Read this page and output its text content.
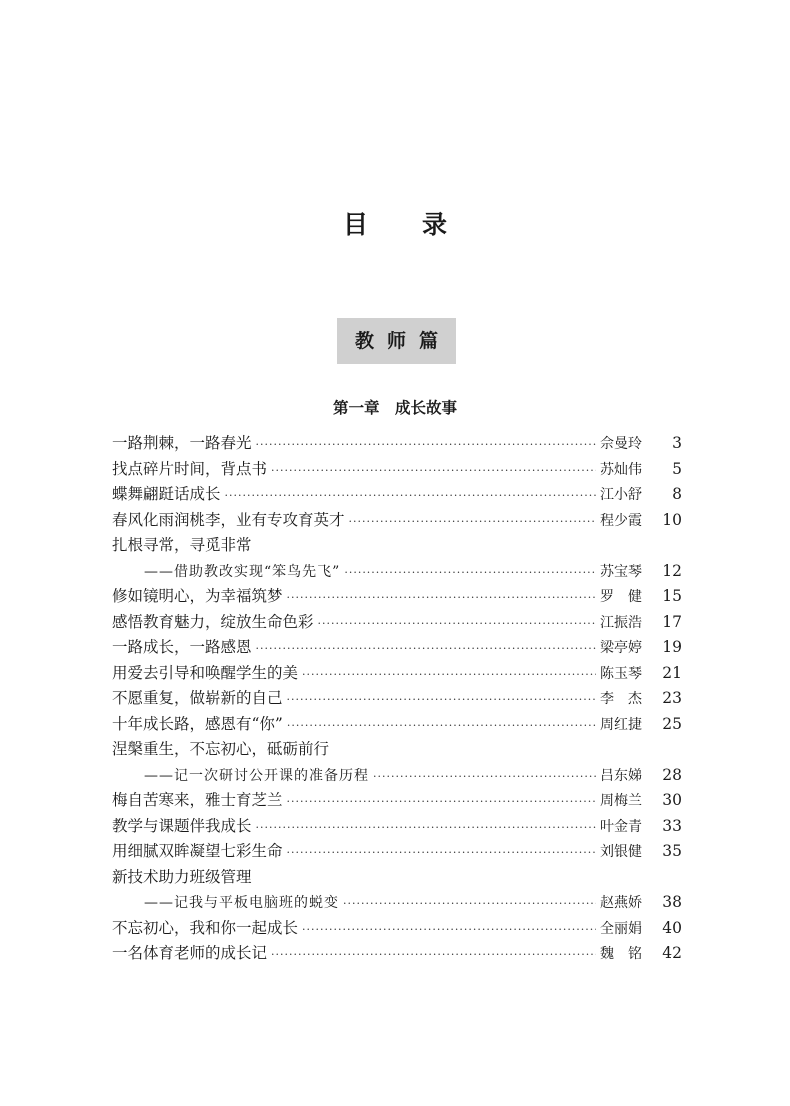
目录
教师篇
第一章　成长故事
一路荆棘，一路春光 ·····	佘曼玲	3
找点碎片时间，背点书 ·····	苏灿伟	5
蝶舞翩跹话成长 ·····	江小舒	8
春风化雨润桃李，业有专攻育英才 ·····	程少霞	10
扎根寻常，寻觅非常
——借助教改实现“笨鸟先飞” ·····	苏宝琴	12
修如镜明心，为幸福筑梦 ·····	罗　健	15
感悟教育魅力，绽放生命色彩 ·····	江振浩	17
一路成长，一路感恩 ·····	梁亭婷	19
用爱去引导和唤醒学生的美 ·····	陈玉琴	21
不愿重复，做崭新的自己 ·····	李　杰	23
十年成长路，感恩有“你” ·····	周红捷	25
涅槃重生，不忘初心，砥砺前行
——记一次研讨公开课的准备历程 ·····	吕东娣	28
梅自苦寒来，雅士育芝兰 ·····	周梅兰	30
教学与课题伴我成长 ·····	叶金青	33
用细腻双眸凝望七彩生命 ·····	刘银健	35
新技术助力班级管理
——记我与平板电脑班的蜕变 ·····	赵燕娇	38
不忘初心，我和你一起成长 ·····	全丽娟	40
一名体育老师的成长记 ·····	魏　铭	42
